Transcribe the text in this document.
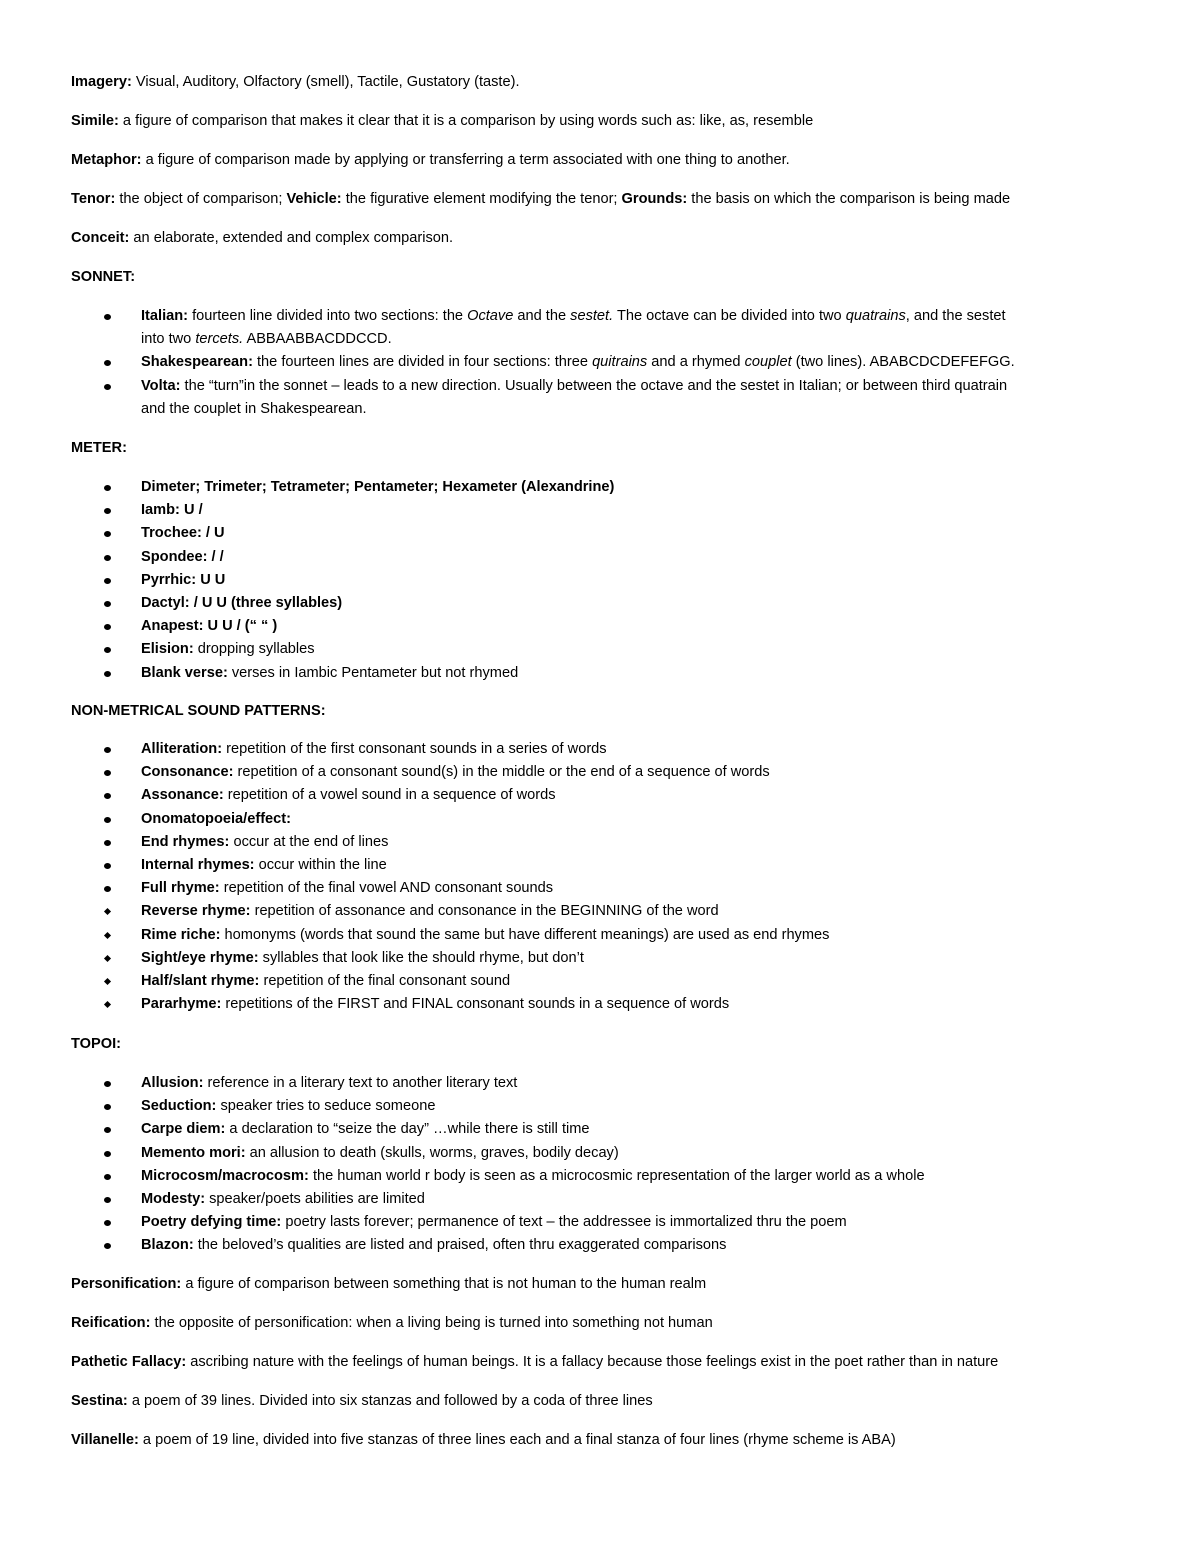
Imagery: Visual, Auditory, Olfactory (smell), Tactile, Gustatory (taste).
Simile: a figure of comparison that makes it clear that it is a comparison by using words such as: like, as, resemble
Metaphor: a figure of comparison made by applying or transferring a term associated with one thing to another.
Tenor: the object of comparison; Vehicle: the figurative element modifying the tenor; Grounds: the basis on which the comparison is being made
Conceit: an elaborate, extended and complex comparison.
SONNET:
Italian: fourteen line divided into two sections: the Octave and the sestet. The octave can be divided into two quatrains, and the sestet
into two tercets. ABBAABBACDDCCD.
Shakespearean: the fourteen lines are divided in four sections: three quitrains and a rhymed couplet (two lines). ABABCDCDEFEFGG.
Volta: the “turn”in the sonnet – leads to a new direction. Usually between the octave and the sestet in Italian; or between third quatrain
and the couplet in Shakespearean.
METER:
Dimeter; Trimeter; Tetrameter; Pentameter; Hexameter (Alexandrine)
Iamb: U /
Trochee: / U
Spondee: / /
Pyrrhic: U U
Dactyl: / U U (three syllables)
Anapest: U U / (“ “ )
Elision: dropping syllables
Blank verse: verses in Iambic Pentameter but not rhymed
NON-METRICAL SOUND PATTERNS:
Alliteration: repetition of the first consonant sounds in a series of words
Consonance: repetition of a consonant sound(s) in the middle or the end of a sequence of words
Assonance: repetition of a vowel sound in a sequence of words
Onomatopoeia/effect:
End rhymes: occur at the end of lines
Internal rhymes: occur within the line
Full rhyme: repetition of the final vowel AND consonant sounds
Reverse rhyme: repetition of assonance and consonance in the BEGINNING of the word
Rime riche: homonyms (words that sound the same but have different meanings) are used as end rhymes
Sight/eye rhyme: syllables that look like the should rhyme, but don’t
Half/slant rhyme: repetition of the final consonant sound
Pararhyme: repetitions of the FIRST and FINAL consonant sounds in a sequence of words
TOPOI:
Allusion: reference in a literary text to another literary text
Seduction: speaker tries to seduce someone
Carpe diem: a declaration to “seize the day” …while there is still time
Memento mori: an allusion to death (skulls, worms, graves, bodily decay)
Microcosm/macrocosm: the human world r body is seen as a microcosmic representation of the larger world as a whole
Modesty: speaker/poets abilities are limited
Poetry defying time: poetry lasts forever; permanence of text – the addressee is immortalized thru the poem
Blazon: the beloved’s qualities are listed and praised, often thru exaggerated comparisons
Personification: a figure of comparison between something that is not human to the human realm
Reification: the opposite of personification: when a living being is turned into something not human
Pathetic Fallacy: ascribing nature with the feelings of human beings. It is a fallacy because those feelings exist in the poet rather than in nature
Sestina: a poem of 39 lines. Divided into six stanzas and followed by a coda of three lines
Villanelle: a poem of 19 line, divided into five stanzas of three lines each and a final stanza of four lines (rhyme scheme is ABA)
